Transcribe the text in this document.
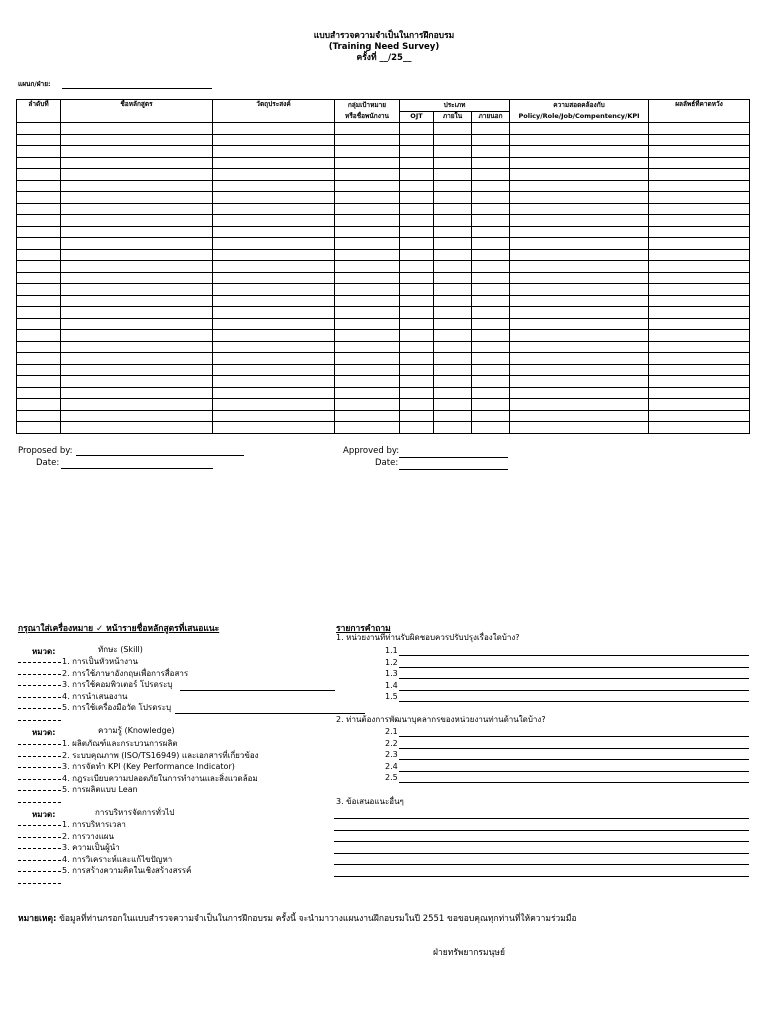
แบบสำรวจความจำเป็นในการฝึกอบรม
(Training Need Survey)
ครั้งที่ __/25__
แผนก/ฝ่าย:
ลำดับที่	ชื่อหลักสูตร	วัตถุประสงค์	กลุ่มเป้าหมาย	ประเภท			ความสอดคล้องกับ	ผลลัพธ์ที่คาดหวัง
			หรือชื่อพนักงาน	OJT	ภายใน	ภายนอก	Policy/Role/Job/Compentency/KPI	

Proposed by:
Date:
Approved by:
Date:
กรุณาใส่เครื่องหมาย ✓ หน้ารายชื่อหลักสูตรที่เสนอแนะ
หมวด:	ทักษะ (Skill)
1. การเป็นหัวหน้างาน
2. การใช้ภาษาอังกฤษเพื่อการสื่อสาร
3. การใช้คอมพิวเตอร์ โปรดระบุ
4. การนำเสนองาน
5. การใช้เครื่องมือวัด โปรดระบุ
หมวด:	ความรู้ (Knowledge)
1. ผลิตภัณฑ์และกระบวนการผลิต
2. ระบบคุณภาพ (ISO/TS16949) และเอกสารที่เกี่ยวข้อง
3. การจัดทำ KPI (Key Performance Indicator)
4. กฎระเบียบความปลอดภัยในการทำงานและสิ่งแวดล้อม
5. การผลิตแบบ Lean
หมวด:	การบริหารจัดการทั่วไป
1. การบริหารเวลา
2. การวางแผน
3. ความเป็นผู้นำ
4. การวิเคราะห์และแก้ไขปัญหา
5. การสร้างความคิดในเชิงสร้างสรรค์
รายการคำถาม
1. หน่วยงานที่ท่านรับผิดชอบควรปรับปรุงเรื่องใดบ้าง?
1.1
1.2
1.3
1.4
1.5
2. ท่านต้องการพัฒนาบุคลากรของหน่วยงานท่านด้านใดบ้าง?
2.1
2.2
2.3
2.4
2.5
3. ข้อเสนอแนะอื่นๆ
หมายเหตุ: ข้อมูลที่ท่านกรอกในแบบสำรวจความจำเป็นในการฝึกอบรม ครั้งนี้ จะนำมาวางแผนงานฝึกอบรมในปี 2551 ขอขอบคุณทุกท่านที่ให้ความร่วมมือ
ฝ่ายทรัพยากรมนุษย์
